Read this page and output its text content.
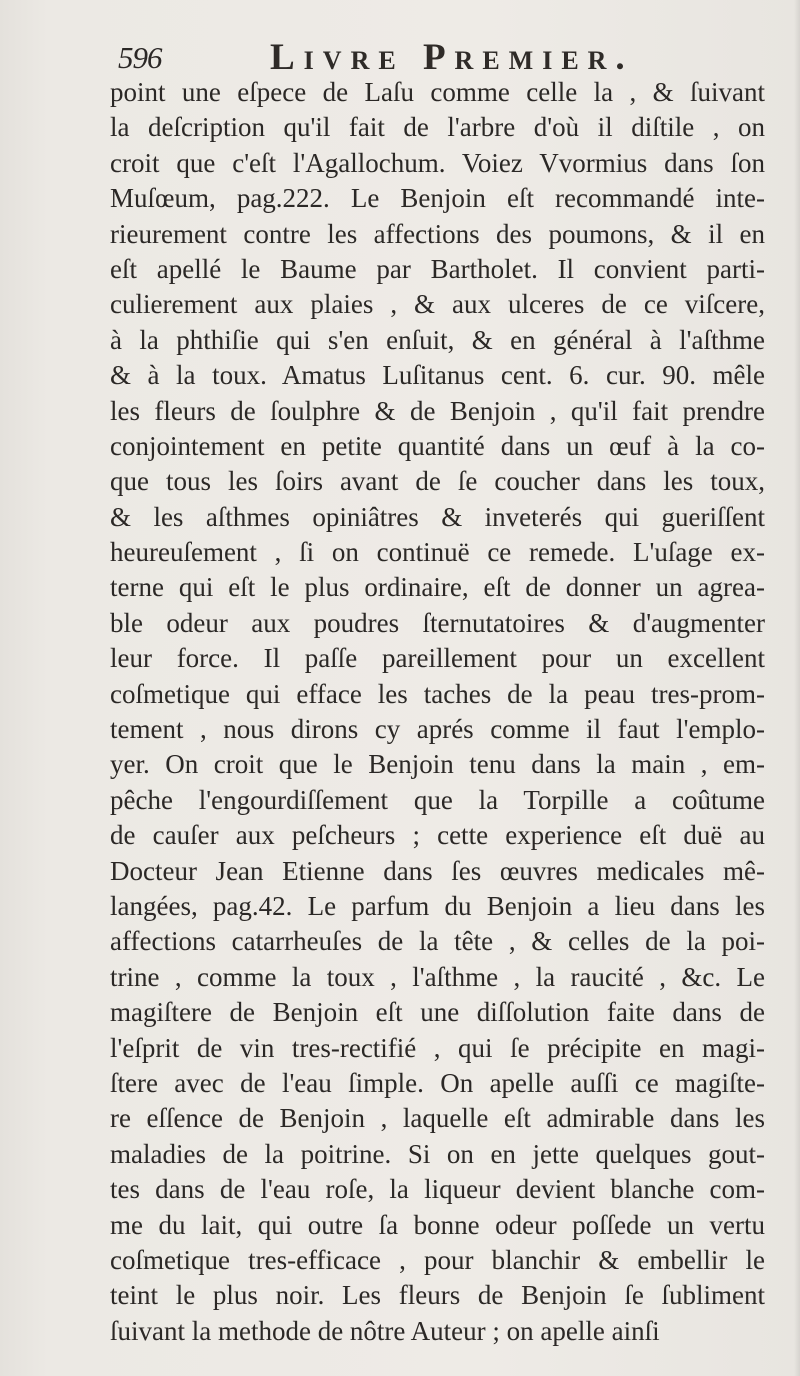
596	Livre Premier.
point une eſpece de Laſu comme celle la , & ſuivant
la deſcription qu'il fait de l'arbre d'où il diſtile , on
croit que c'eſt l'Agallochum. Voiez Vvormius dans ſon
Muſœum, pag.222. Le Benjoin eſt recommandé inte-
rieurement contre les affections des poumons, & il en
eſt apellé le Baume par Bartholet. Il convient parti-
culierement aux plaies , & aux ulceres de ce viſcere,
à la phthiſie qui s'en enſuit, & en général à l'aſthme
& à la toux. Amatus Luſitanus cent. 6. cur. 90. mêle
les fleurs de ſoulphre & de Benjoin , qu'il fait prendre
conjointement en petite quantité dans un œuf à la co-
que tous les ſoirs avant de ſe coucher dans les toux,
& les aſthmes opiniâtres & inveterés qui gueriſſent
heureuſement , ſi on continuë ce remede. L'uſage ex-
terne qui eſt le plus ordinaire, eſt de donner un agrea-
ble odeur aux poudres ſternutatoires & d'augmenter
leur force. Il paſſe pareillement pour un excellent
coſmetique qui efface les taches de la peau tres-prom-
tement , nous dirons cy aprés comme il faut l'emplo-
yer. On croit que le Benjoin tenu dans la main , em-
pêche l'engourdiſſement que la Torpille a coûtume
de cauſer aux peſcheurs ; cette experience eſt duë au
Docteur Jean Etienne dans ſes œuvres medicales mê-
langées, pag.42. Le parfum du Benjoin a lieu dans les
affections catarrheuſes de la tête , & celles de la poi-
trine , comme la toux , l'aſthme , la raucité , &c. Le
magiſtere de Benjoin eſt une diſſolution faite dans de
l'eſprit de vin tres-rectifié , qui ſe précipite en magi-
ſtere avec de l'eau ſimple. On apelle auſſi ce magiſte-
re eſſence de Benjoin , laquelle eſt admirable dans les
maladies de la poitrine. Si on en jette quelques gout-
tes dans de l'eau roſe, la liqueur devient blanche com-
me du lait, qui outre ſa bonne odeur poſſede un vertu
coſmetique tres-efficace , pour blanchir & embellir le
teint le plus noir. Les fleurs de Benjoin ſe ſubliment
ſuivant la methode de nôtre Auteur ; on apelle ainſi
